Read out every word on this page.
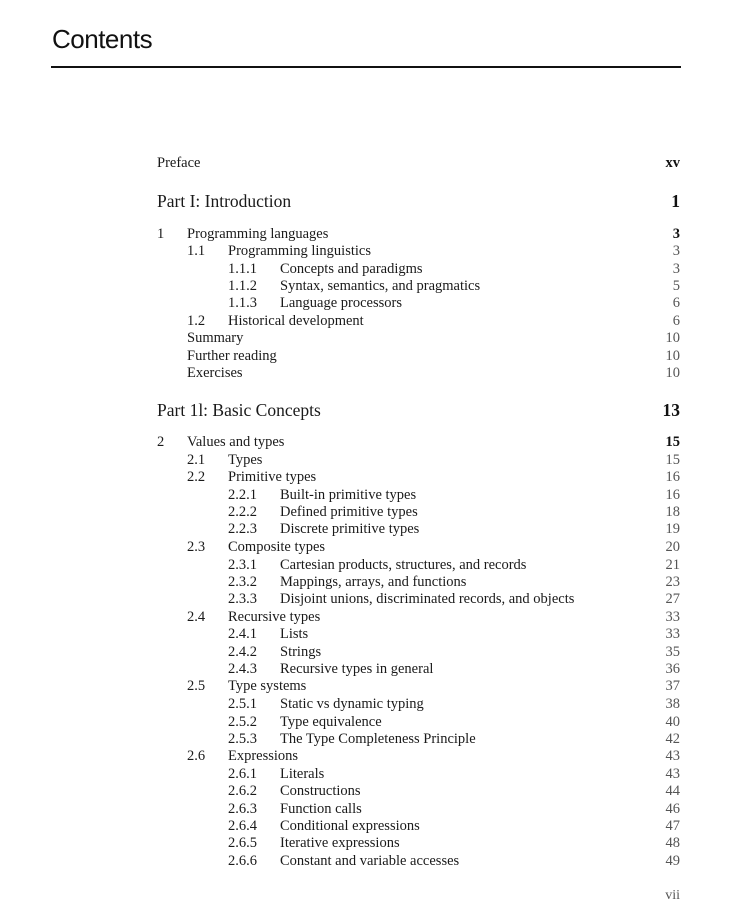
Contents
Preface	xv
Part I: Introduction	1
1 Programming languages	3
1.1 Programming linguistics	3
1.1.1 Concepts and paradigms	3
1.1.2 Syntax, semantics, and pragmatics	5
1.1.3 Language processors	6
1.2 Historical development	6
Summary	10
Further reading	10
Exercises	10
Part 1l: Basic Concepts	13
2 Values and types	15
2.1 Types	15
2.2 Primitive types	16
2.2.1 Built-in primitive types	16
2.2.2 Defined primitive types	18
2.2.3 Discrete primitive types	19
2.3 Composite types	20
2.3.1 Cartesian products, structures, and records	21
2.3.2 Mappings, arrays, and functions	23
2.3.3 Disjoint unions, discriminated records, and objects	27
2.4 Recursive types	33
2.4.1 Lists	33
2.4.2 Strings	35
2.4.3 Recursive types in general	36
2.5 Type systems	37
2.5.1 Static vs dynamic typing	38
2.5.2 Type equivalence	40
2.5.3 The Type Completeness Principle	42
2.6 Expressions	43
2.6.1 Literals	43
2.6.2 Constructions	44
2.6.3 Function calls	46
2.6.4 Conditional expressions	47
2.6.5 Iterative expressions	48
2.6.6 Constant and variable accesses	49
vii
